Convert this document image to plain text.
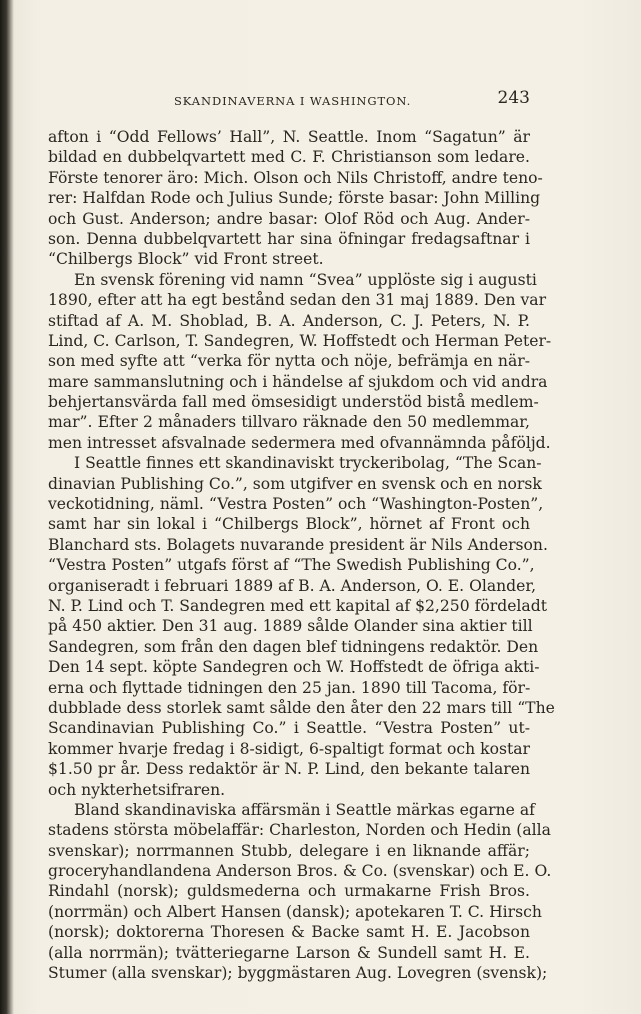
SKANDINAVERNA I WASHINGTON.	243
afton i “Odd Fellows’ Hall”, N. Seattle. Inom “Sagatun” är
bildad en dubbelqvartett med C. F. Christianson som ledare.
Förste tenorer äro: Mich. Olson och Nils Christoff, andre teno-
rer: Halfdan Rode och Julius Sunde; förste basar: John Milling
och Gust. Anderson; andre basar: Olof Röd och Aug. Ander-
son. Denna dubbelqvartett har sina öfningar fredagsaftnar i
“Chilbergs Block” vid Front street.
En svensk förening vid namn “Svea” upplöste sig i augusti
1890, efter att ha egt bestånd sedan den 31 maj 1889. Den var
stiftad af A. M. Shoblad, B. A. Anderson, C. J. Peters, N. P.
Lind, C. Carlson, T. Sandegren, W. Hoffstedt och Herman Peter-
son med syfte att “verka för nytta och nöje, befrämja en när-
mare sammanslutning och i händelse af sjukdom och vid andra
behjertansvärda fall med ömsesidigt understöd bistå medlem-
mar”. Efter 2 månaders tillvaro räknade den 50 medlemmar,
men intresset afsvalnade sedermera med ofvannämnda påföljd.
I Seattle finnes ett skandinaviskt tryckeribolag, “The Scan-
dinavian Publishing Co.”, som utgifver en svensk och en norsk
veckotidning, näml. “Vestra Posten” och “Washington-Posten”,
samt har sin lokal i “Chilbergs Block”, hörnet af Front och
Blanchard sts. Bolagets nuvarande president är Nils Anderson.
“Vestra Posten” utgafs först af “The Swedish Publishing Co.”,
organiseradt i februari 1889 af B. A. Anderson, O. E. Olander,
N. P. Lind och T. Sandegren med ett kapital af $2,250 fördeladt
på 450 aktier. Den 31 aug. 1889 sålde Olander sina aktier till
Sandegren, som från den dagen blef tidningens redaktör. Den
Den 14 sept. köpte Sandegren och W. Hoffstedt de öfriga akti-
erna och flyttade tidningen den 25 jan. 1890 till Tacoma, för-
dubblade dess storlek samt sålde den åter den 22 mars till “The
Scandinavian Publishing Co.” i Seattle. “Vestra Posten” ut-
kommer hvarje fredag i 8-sidigt, 6-spaltigt format och kostar
$1.50 pr år. Dess redaktör är N. P. Lind, den bekante talaren
och nykterhetsifraren.
Bland skandinaviska affärsmän i Seattle märkas egarne af
stadens största möbelaffär: Charleston, Norden och Hedin (alla
svenskar); norrmannen Stubb, delegare i en liknande affär;
groceryhandlandena Anderson Bros. & Co. (svenskar) och E. O.
Rindahl (norsk); guldsmederna och urmakarne Frish Bros.
(norrmän) och Albert Hansen (dansk); apotekaren T. C. Hirsch
(norsk); doktorerna Thoresen & Backe samt H. E. Jacobson
(alla norrmän); tvätteriegarne Larson & Sundell samt H. E.
Stumer (alla svenskar); byggmästaren Aug. Lovegren (svensk);
